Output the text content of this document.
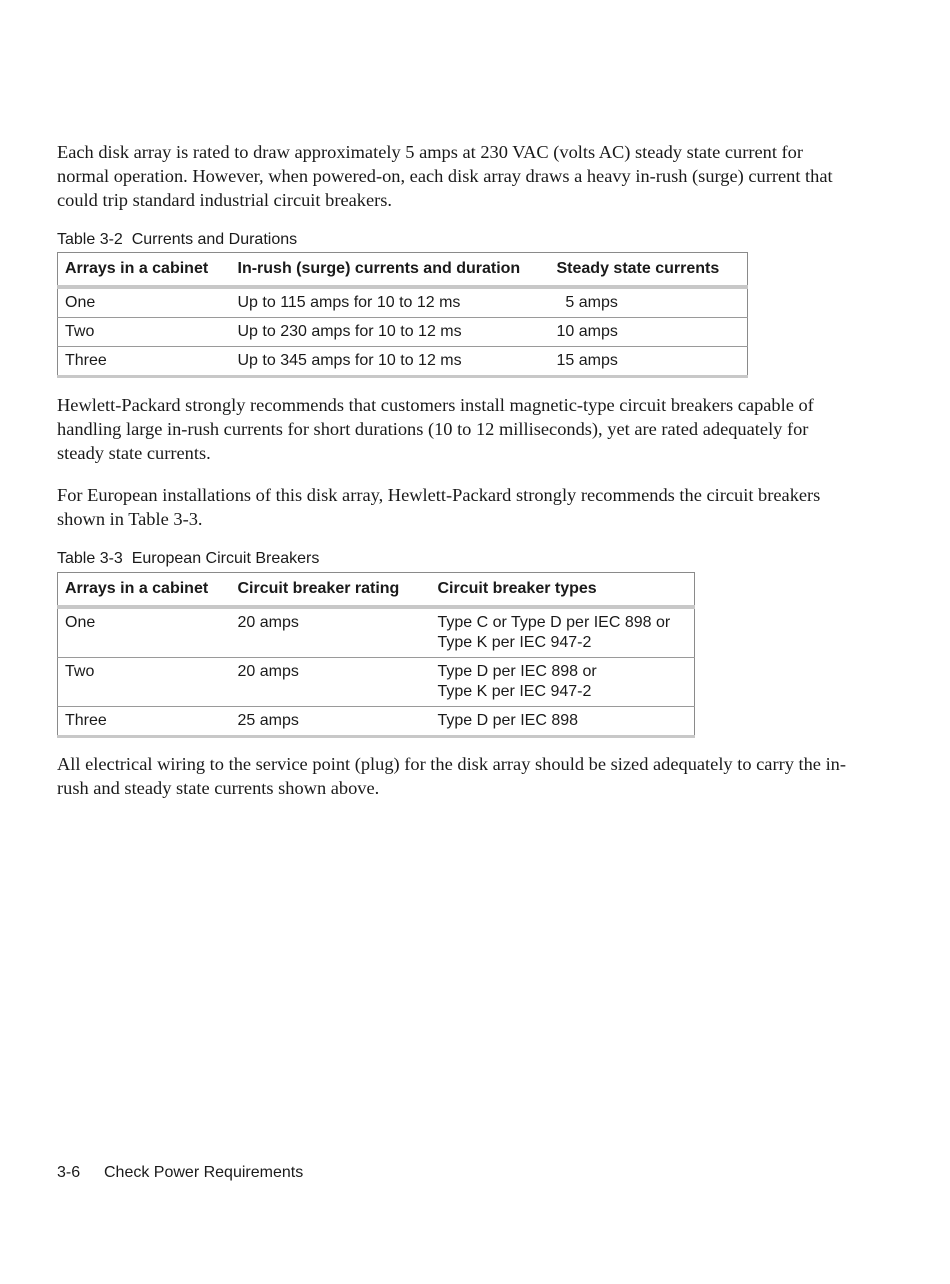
Each disk array is rated to draw approximately 5 amps at 230 VAC (volts AC) steady state current for normal operation. However, when powered-on, each disk array draws a heavy in-rush (surge) current that could trip standard industrial circuit breakers.

Table 3-2  Currents and Durations
Arrays in a cabinet	In-rush (surge) currents and duration	Steady state currents
One	Up to 115 amps for 10 to 12 ms	5 amps
Two	Up to 230 amps for 10 to 12 ms	10 amps
Three	Up to 345 amps for 10 to 12 ms	15 amps

Hewlett-Packard strongly recommends that customers install magnetic-type circuit breakers capable of handling large in-rush currents for short durations (10 to 12 milliseconds), yet are rated adequately for steady state currents.

For European installations of this disk array, Hewlett-Packard strongly recommends the circuit breakers shown in Table 3-3.

Table 3-3  European Circuit Breakers
Arrays in a cabinet	Circuit breaker rating	Circuit breaker types
One	20 amps	Type C or Type D per IEC 898 or
Type K per IEC 947-2

Two	20 amps	Type D per IEC 898 or
Type K per IEC 947-2

Three	25 amps	Type D per IEC 898

All electrical wiring to the service point (plug) for the disk array should be sized adequately to carry the in-rush and steady state currents shown above.

3-6 Check Power Requirements
